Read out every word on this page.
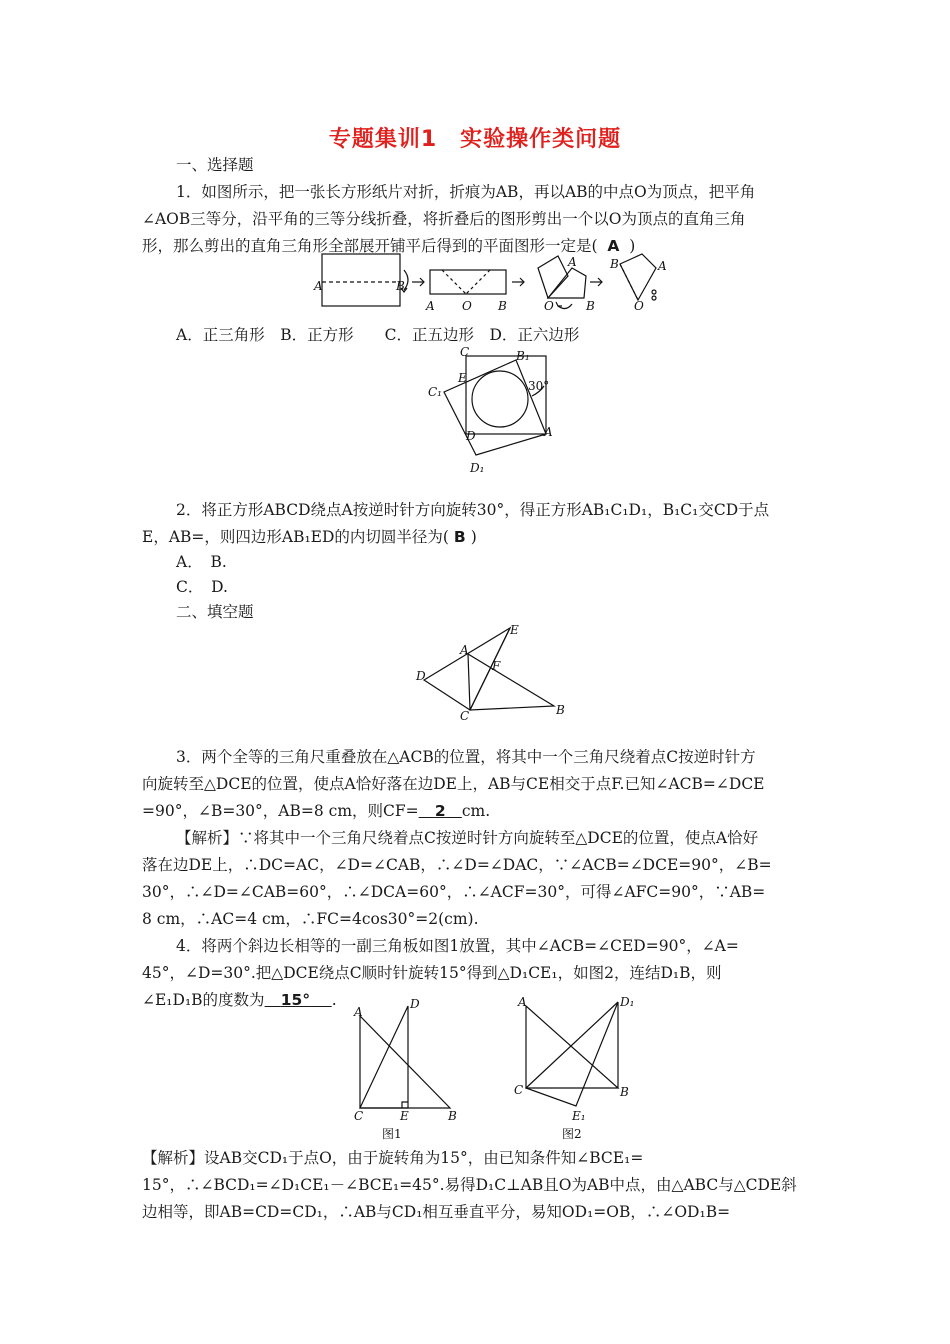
专题集训1　实验操作类问题
一、选择题
1．如图所示，把一张长方形纸片对折，折痕为AB，再以AB的中点O为顶点，把平角
∠AOB三等分，沿平角的三等分线折叠，将折叠后的图形剪出一个以O为顶点的直角三角
形，那么剪出的直角三角形全部展开铺平后得到的平面图形一定是( A )
A	B
A O B
A
O	B
B	A
O
A．正三角形　B．正方形　　C．正五边形　D．正六边形
C	B₁
E
C₁	30°
D	A
D₁
2．将正方形ABCD绕点A按逆时针方向旋转30°，得正方形AB₁C₁D₁，B₁C₁交CD于点
E，AB=，则四边形AB₁ED的内切圆半径为( B )
A．　B.
C．　D.
二、填空题
E
A
F
D
C	B
3．两个全等的三角尺重叠放在△ACB的位置，将其中一个三角尺绕着点C按逆时针方
向旋转至△DCE的位置，使点A恰好落在边DE上，AB与CE相交于点F.已知∠ACB=∠DCE
=90°，∠B=30°，AB=8 cm，则CF= 2 cm.
【解析】∵将其中一个三角尺绕着点C按逆时针方向旋转至△DCE的位置，使点A恰好
落在边DE上，∴DC=AC，∠D=∠CAB，∴∠D=∠DAC，∵∠ACB=∠DCE=90°，∠B=
30°，∴∠D=∠CAB=60°，∴∠DCA=60°，∴∠ACF=30°，可得∠AFC=90°，∵AB=
8 cm，∴AC=4 cm，∴FC=4cos30°=2(cm).
4．将两个斜边长相等的一副三角板如图1放置，其中∠ACB=∠CED=90°，∠A=
45°，∠D=30°.把△DCE绕点C顺时针旋转15°得到△D₁CE₁，如图2，连结D₁B，则
∠E₁D₁B的度数为 15° .
A
D
C	E	B
图1
A	D₁
C	B
E₁
图2
【解析】设AB交CD₁于点O，由于旋转角为15°，由已知条件知∠BCE₁=
15°，∴∠BCD₁=∠D₁CE₁－∠BCE₁=45°.易得D₁C⊥AB且O为AB中点，由△ABC与△CDE斜
边相等，即AB=CD=CD₁，∴AB与CD₁相互垂直平分，易知OD₁=OB，∴∠OD₁B=
